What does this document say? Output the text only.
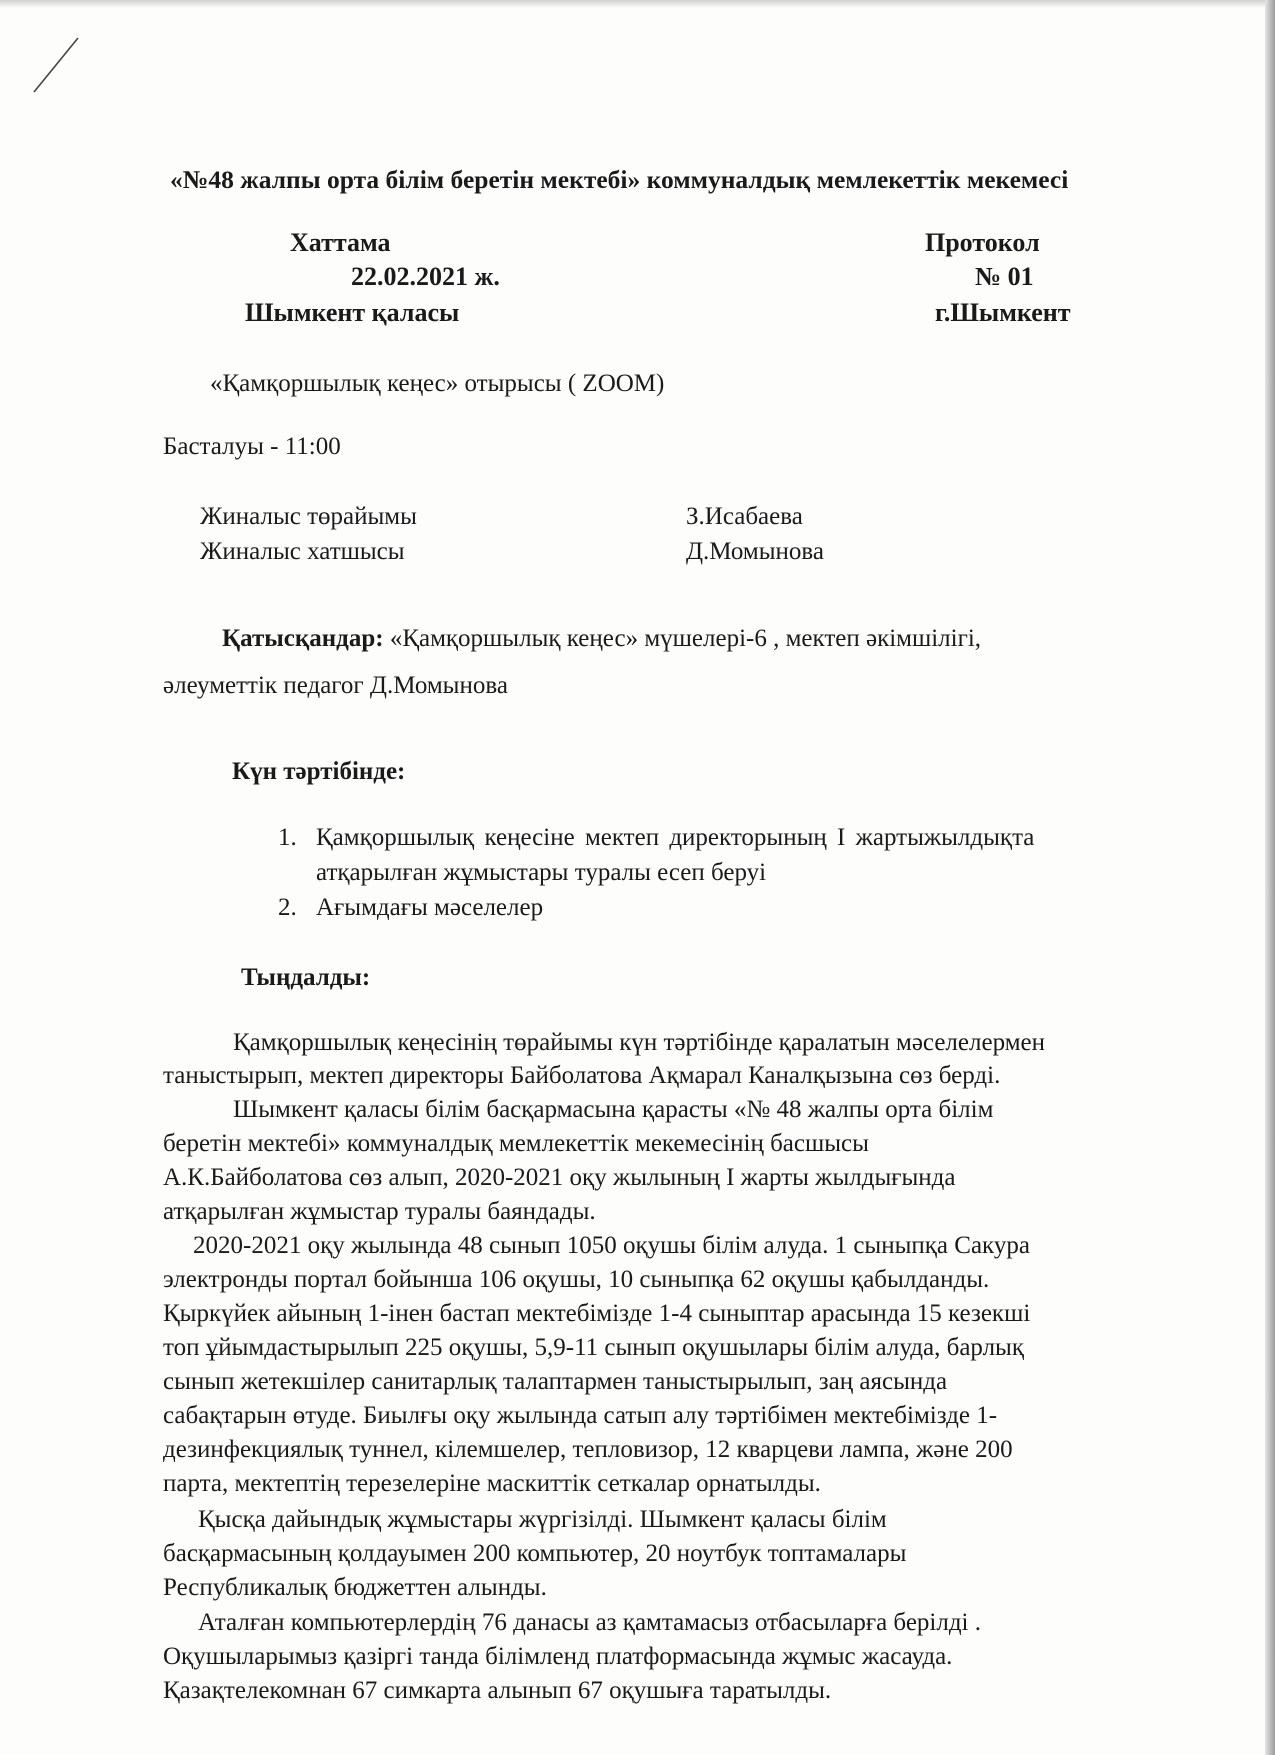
«№48 жалпы орта білім беретін мектебі» коммуналдық мемлекеттік мекемесі
Хаттама
22.02.2021 ж.
Шымкент қаласы
Протокол
№ 01
г.Шымкент
«Қамқоршылық кеңес» отырысы ( ZOOM)
Басталуы - 11:00
Жиналыс төрайымы	З.Исабаева
Жиналыс хатшысы	Д.Момынова
Қатысқандар: «Қамқоршылық кеңес» мүшелері-6 , мектеп әкімшілігі,
әлеуметтік педагог Д.Момынова
Күн тәртібінде:
1. Қамқоршылық кеңесіне мектеп директорының І жартыжылдықта
атқарылған жұмыстары туралы есеп беруі
2. Ағымдағы мәселелер
Тыңдалды:
Қамқоршылық кеңесінің төрайымы күн тәртібінде қаралатын мәселелермен
таныстырып, мектеп директоры Байболатова Ақмарал Каналқызына сөз берді.
Шымкент қаласы білім басқармасына қарасты «№ 48 жалпы орта білім
беретін мектебі» коммуналдық мемлекеттік мекемесінің басшысы
А.К.Байболатова сөз алып, 2020-2021 оқу жылының І жарты жылдығында
атқарылған жұмыстар туралы баяндады.
2020-2021 оқу жылында 48 сынып 1050 оқушы білім алуда. 1 сыныпқа Сакура
электронды портал бойынша 106 оқушы, 10 сыныпқа 62 оқушы қабылданды.
Қыркүйек айының 1-інен бастап мектебімізде 1-4 сыныптар арасында 15 кезекші
топ ұйымдастырылып 225 оқушы, 5,9-11 сынып оқушылары білім алуда, барлық
сынып жетекшілер санитарлық талаптармен таныстырылып, заң аясында
сабақтарын өтуде. Биылғы оқу жылында сатып алу тәртібімен мектебімізде 1-
дезинфекциялық туннел, кілемшелер, тепловизор, 12 кварцеви лампа, және 200
парта, мектептің терезелеріне маскиттік сеткалар орнатылды.
Қысқа дайындық жұмыстары жүргізілді. Шымкент қаласы білім
басқармасының қолдауымен 200 компьютер, 20 ноутбук топтамалары
Республикалық бюджеттен алынды.
Аталған компьютерлердің 76 данасы аз қамтамасыз отбасыларға берілді .
Оқушыларымыз қазіргі танда білімленд платформасында жұмыс жасауда.
Қазақтелекомнан 67 симкарта алынып 67 оқушыға таратылды.
